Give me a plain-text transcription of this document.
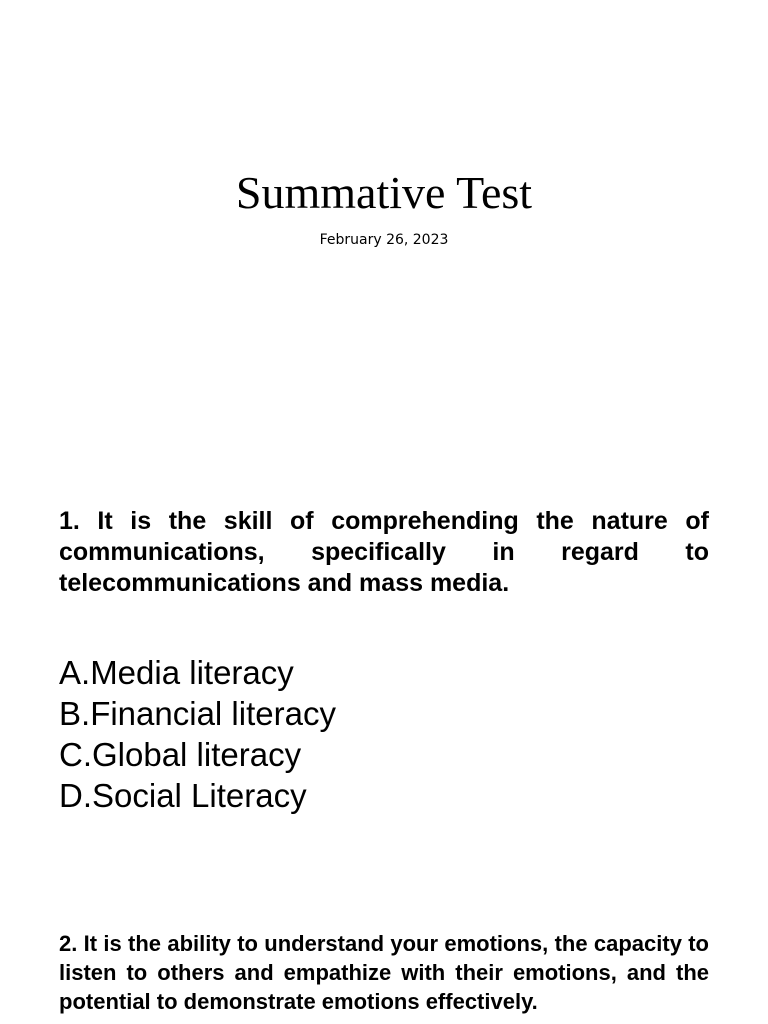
Summative Test
February 26, 2023
1. It is the skill of comprehending the nature of communications, specifically in regard to telecommunications and mass media.
A. Media literacy
B. Financial literacy
C. Global literacy
D. Social Literacy
2. It is the ability to understand your emotions, the capacity to listen to others and empathize with their emotions, and the potential to demonstrate emotions effectively.
